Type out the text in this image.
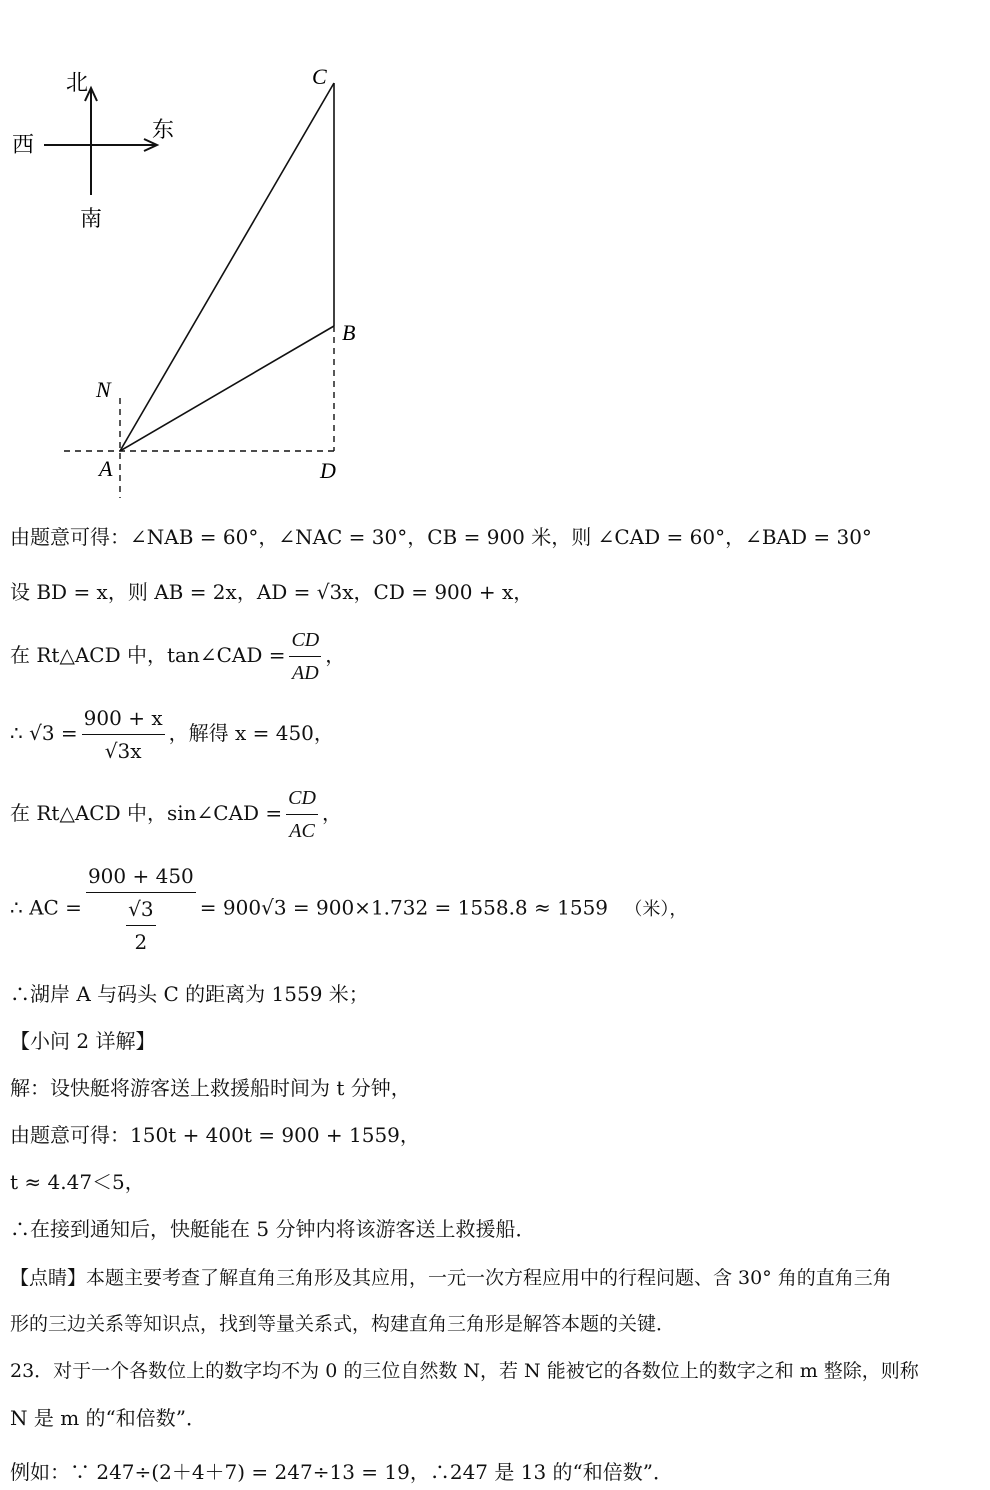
北
南
东
西
C
B
N
A	D
由题意可得：∠NAB = 60°，∠NAC = 30°，CB = 900 米，则 ∠CAD = 60°，∠BAD = 30°
设 BD = x，则 AB = 2x，AD = √3x，CD = 900 + x，
在 Rt△ACD 中，tan∠CAD = $\frac{CD}{AD}$ ，
∴ $√3 = \frac{900 + x}{√3x}$ ，解得 x = 450，
在 Rt△ACD 中，sin∠CAD = $\frac{CD}{AC}$ ，
∴ AC = $\frac{900 + 450}{\frac{√3}{2}} = 900√3 = 900\times 1.732 = 1558.8 \approx 1559$ （米），
∴湖岸 A 与码头 C 的距离为 1559 米；
【小问 2 详解】
解：设快艇将游客送上救援船时间为 t 分钟，
由题意可得：150t + 400t = 900 + 1559，
t ≈ 4.47＜5，
∴在接到通知后，快艇能在 5 分钟内将该游客送上救援船．
【点睛】本题主要考查了解直角三角形及其应用，一元一次方程应用中的行程问题、含 30° 角的直角三角
形的三边关系等知识点，找到等量关系式，构建直角三角形是解答本题的关键．
23．对于一个各数位上的数字均不为 0 的三位自然数 N，若 N 能被它的各数位上的数字之和 m 整除，则称
N 是 m 的“和倍数”．
例如：∵ 247÷(2＋4＋7) = 247÷13 = 19，∴247 是 13 的“和倍数”．
